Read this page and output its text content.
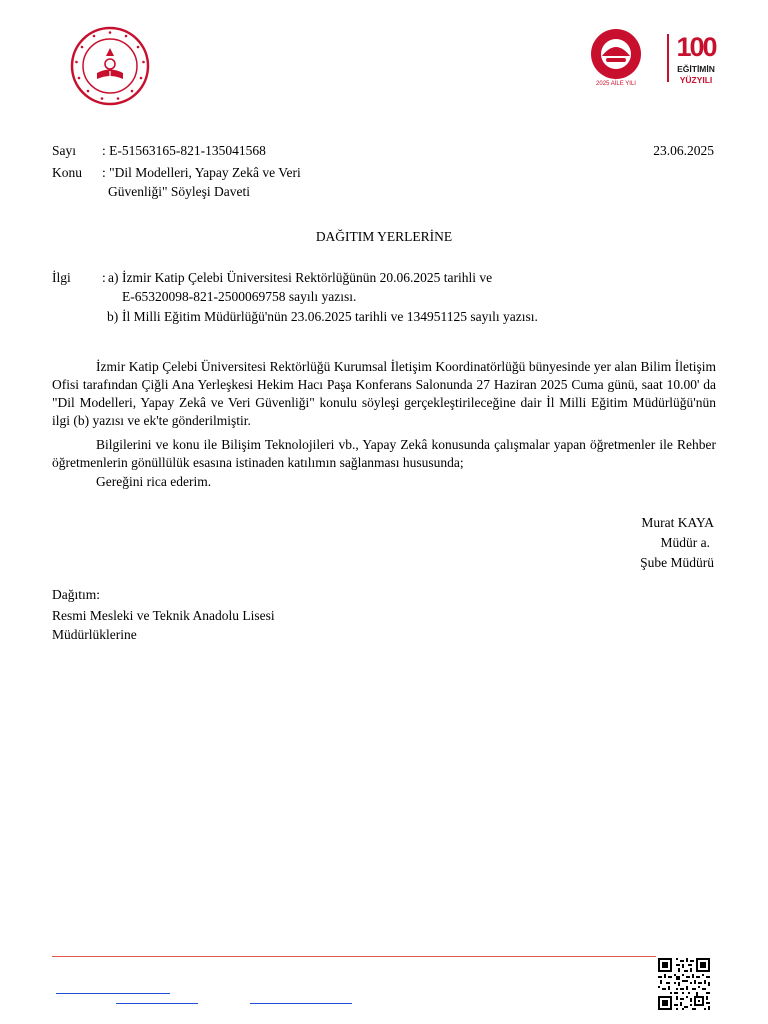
2025 AİLE YILI
100
EĞİTİMİN
YÜZYILI
Sayı : E-51563165-821-135041568	23.06.2025
Konu : "Dil Modelleri, Yapay Zekâ ve Veri
Güvenliği" Söyleşi Daveti
DAĞITIM YERLERİNE
İlgi : a) İzmir Katip Çelebi Üniversitesi Rektörlüğünün 20.06.2025 tarihli ve
E-65320098-821-2500069758 sayılı yazısı.
b) İl Milli Eğitim Müdürlüğü'nün 23.06.2025 tarihli ve 134951125 sayılı yazısı.
İzmir Katip Çelebi Üniversitesi Rektörlüğü Kurumsal İletişim Koordinatörlüğü bünyesinde yer alan Bilim İletişim Ofisi tarafından Çiğli Ana Yerleşkesi Hekim Hacı Paşa Konferans Salonunda 27 Haziran 2025 Cuma günü, saat 10.00' da "Dil Modelleri, Yapay Zekâ ve Veri Güvenliği" konulu söyleşi gerçekleştirileceğine dair İl Milli Eğitim Müdürlüğü'nün ilgi (b) yazısı ve ek'te gönderilmiştir.
Bilgilerini ve konu ile Bilişim Teknolojileri vb., Yapay Zekâ konusunda çalışmalar yapan öğretmenler ile Rehber öğretmenlerin gönüllülük esasına istinaden katılımın sağlanması hususunda;
Gereğini rica ederim.
Murat KAYA
Müdür a.
Şube Müdürü
Dağıtım:
Resmi Mesleki ve Teknik Anadolu Lisesi
Müdürlüklerine
